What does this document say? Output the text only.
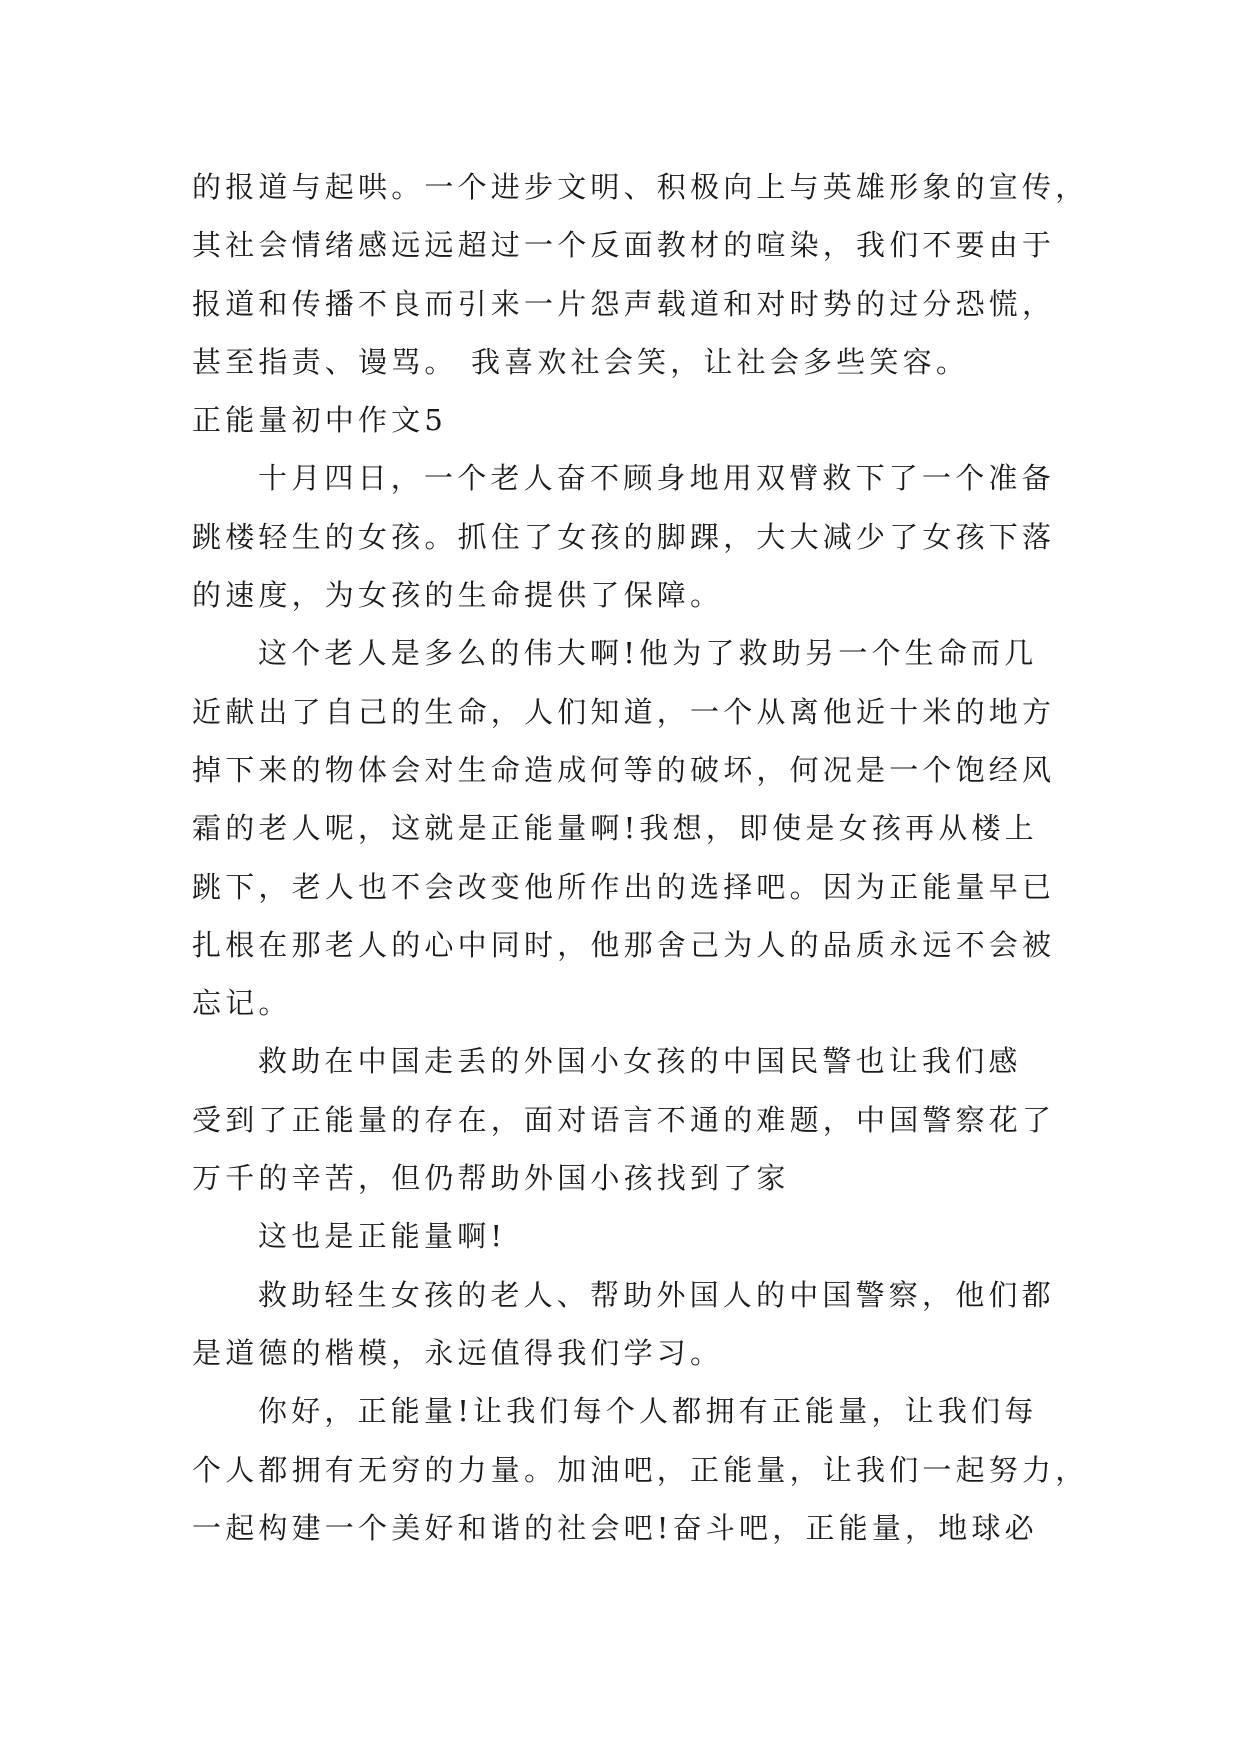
的报道与起哄。一个进步文明、积极向上与英雄形象的宣传，
其社会情绪感远远超过一个反面教材的喧染，我们不要由于
报道和传播不良而引来一片怨声载道和对时势的过分恐慌，
甚至指责、谩骂。 我喜欢社会笑，让社会多些笑容。
正能量初中作文5
十月四日，一个老人奋不顾身地用双臂救下了一个准备
跳楼轻生的女孩。抓住了女孩的脚踝，大大减少了女孩下落
的速度，为女孩的生命提供了保障。
这个老人是多么的伟大啊!他为了救助另一个生命而几
近献出了自己的生命，人们知道，一个从离他近十米的地方
掉下来的物体会对生命造成何等的破坏，何况是一个饱经风
霜的老人呢，这就是正能量啊!我想，即使是女孩再从楼上
跳下，老人也不会改变他所作出的选择吧。因为正能量早已
扎根在那老人的心中同时，他那舍己为人的品质永远不会被
忘记。
救助在中国走丢的外国小女孩的中国民警也让我们感
受到了正能量的存在，面对语言不通的难题，中国警察花了
万千的辛苦，但仍帮助外国小孩找到了家
这也是正能量啊!
救助轻生女孩的老人、帮助外国人的中国警察，他们都
是道德的楷模，永远值得我们学习。
你好，正能量!让我们每个人都拥有正能量，让我们每
个人都拥有无穷的力量。加油吧，正能量，让我们一起努力，
一起构建一个美好和谐的社会吧!奋斗吧，正能量，地球必
